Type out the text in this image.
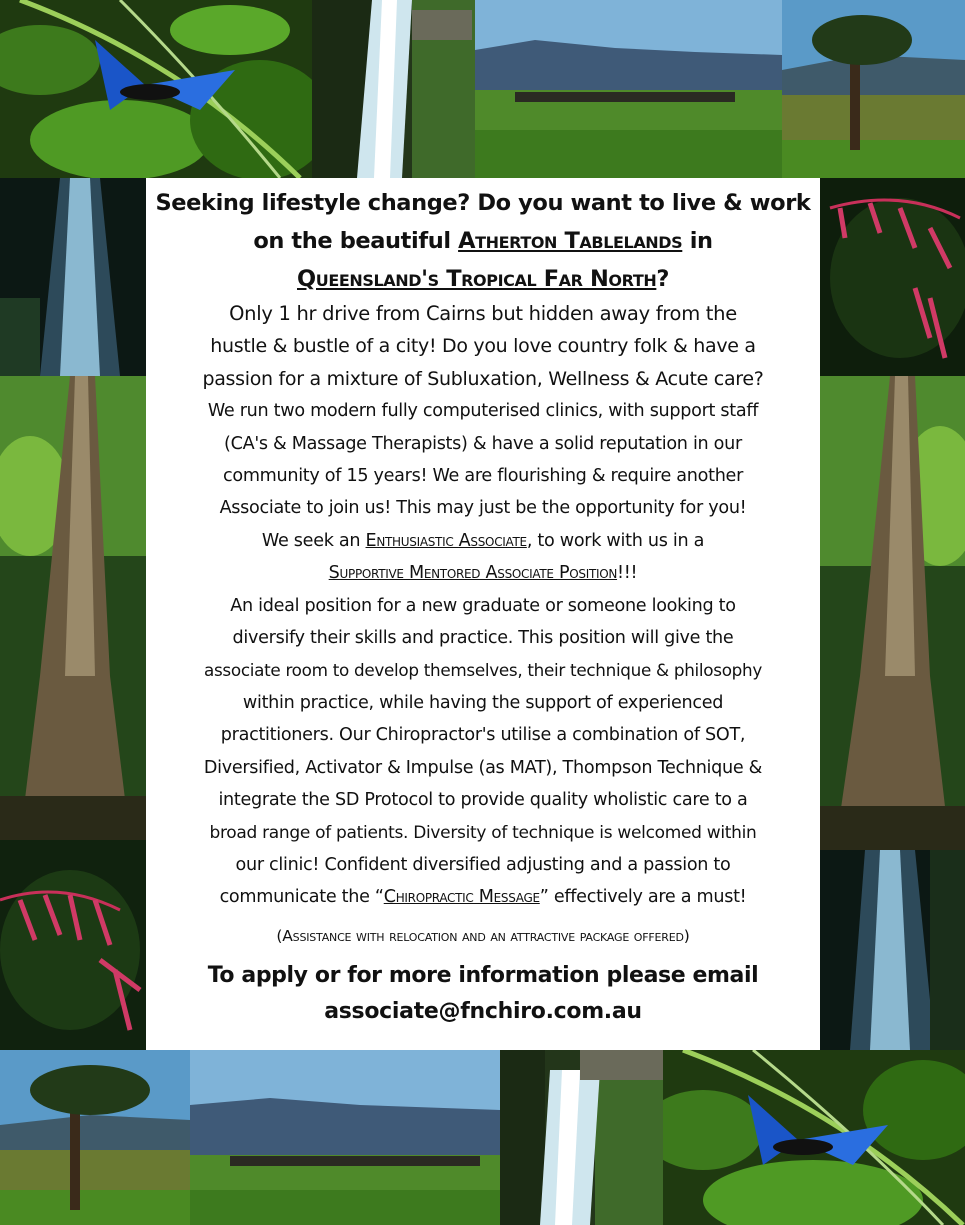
Seeking lifestyle change? Do you want to live & work
on the beautiful Atherton Tablelands in
Queensland's Tropical Far North?
Only 1 hr drive from Cairns but hidden away from the
hustle & bustle of a city! Do you love country folk & have a
passion for a mixture of Subluxation, Wellness & Acute care?
We run two modern fully computerised clinics, with support staff
(CA's & Massage Therapists) & have a solid reputation in our
community of 15 years! We are flourishing & require another
Associate to join us! This may just be the opportunity for you!
We seek an Enthusiastic Associate, to work with us in a
Supportive Mentored Associate Position!!!
An ideal position for a new graduate or someone looking to
diversify their skills and practice. This position will give the
associate room to develop themselves, their technique & philosophy
within practice, while having the support of experienced
practitioners. Our Chiropractor's utilise a combination of SOT,
Diversified, Activator & Impulse (as MAT), Thompson Technique &
integrate the SD Protocol to provide quality wholistic care to a
broad range of patients. Diversity of technique is welcomed within
our clinic! Confident diversified adjusting and a passion to
communicate the “Chiropractic Message” effectively are a must!
(Assistance with relocation and an attractive package offered)
To apply or for more information please email
associate@fnchiro.com.au
